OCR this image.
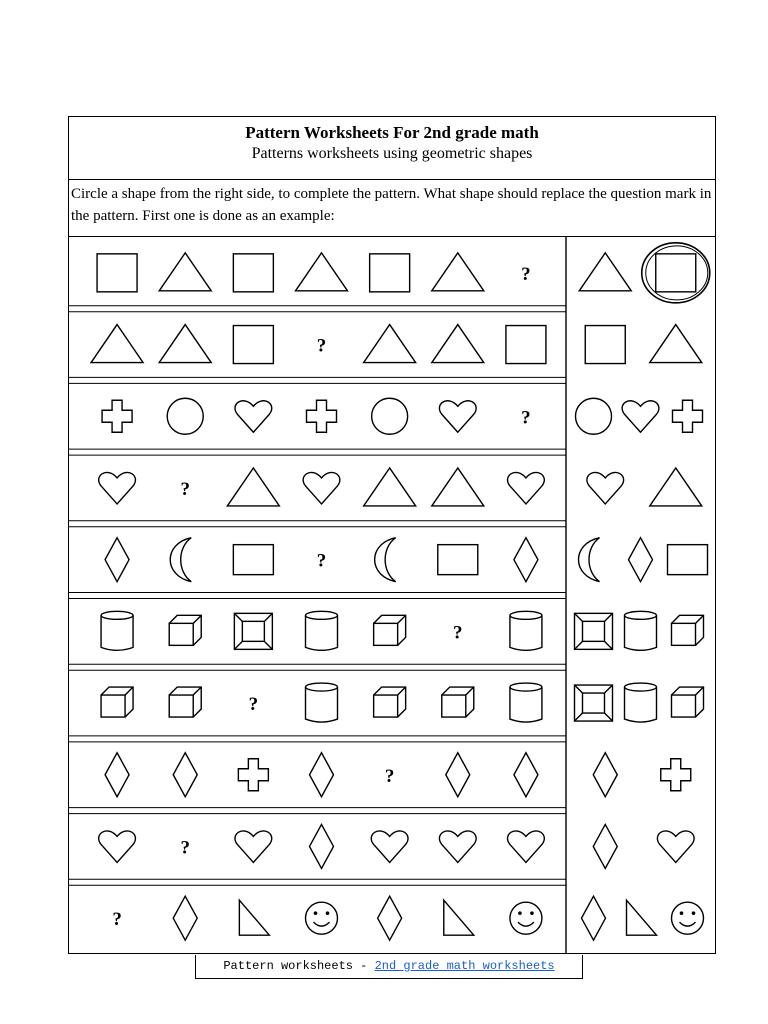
Pattern Worksheets For 2nd grade math
Patterns worksheets using geometric shapes
Circle a shape from the right side, to complete the pattern. What shape should replace the question mark in the pattern. First one is done as an example:
?
?
?
?
?
?
?
?
?
?
Pattern worksheets - 2nd grade math worksheets
